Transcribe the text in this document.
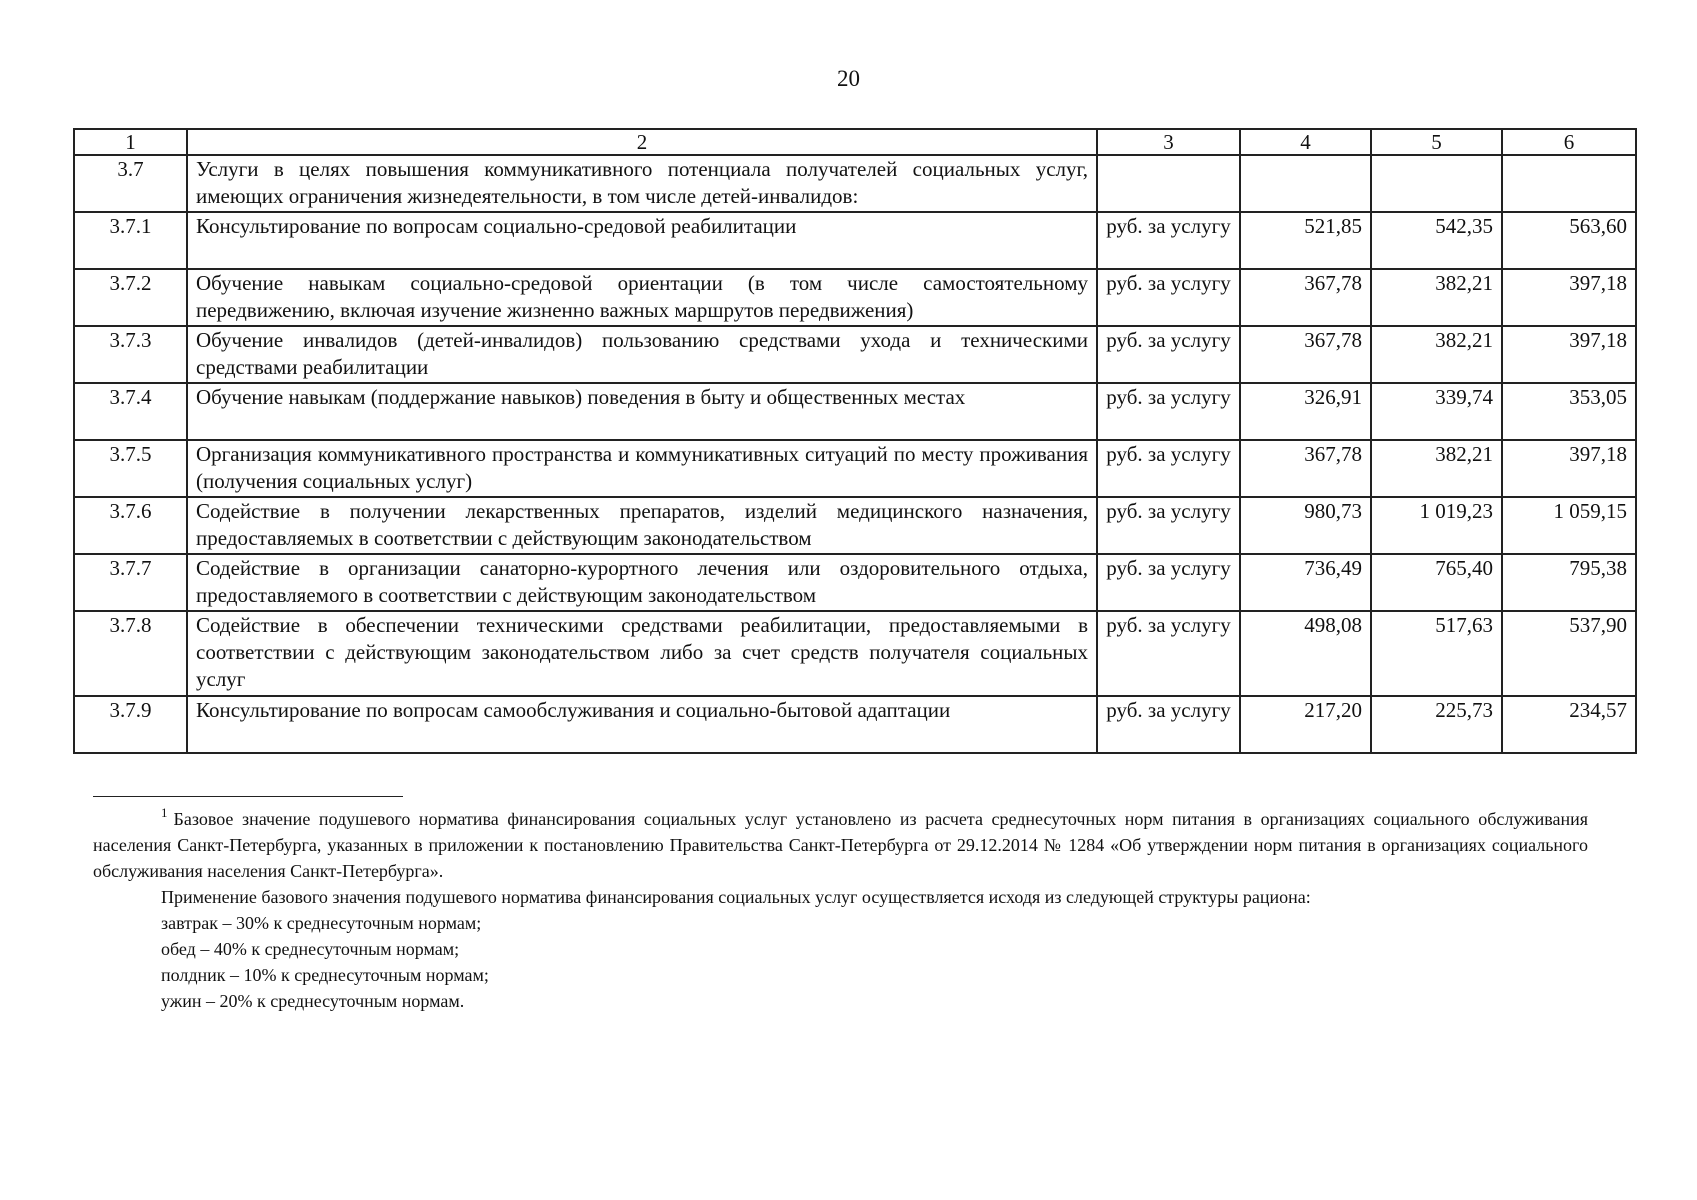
20
1	2	3	4	5	6
3.7	Услуги в целях повышения коммуникативного потенциала получателей социальных услуг, имеющих ограничения жизнедеятельности, в том числе детей-инвалидов:				
3.7.1	Консультирование по вопросам социально-средовой реабилитации	руб. за услугу	521,85	542,35	563,60
3.7.2	Обучение навыкам социально-средовой ориентации (в том числе самостоятельному передвижению, включая изучение жизненно важных маршрутов передвижения)	руб. за услугу	367,78	382,21	397,18
3.7.3	Обучение инвалидов (детей-инвалидов) пользованию средствами ухода и техническими средствами реабилитации	руб. за услугу	367,78	382,21	397,18
3.7.4	Обучение навыкам (поддержание навыков) поведения в быту и общественных местах	руб. за услугу	326,91	339,74	353,05
3.7.5	Организация коммуникативного пространства и коммуникативных ситуаций по месту проживания (получения социальных услуг)	руб. за услугу	367,78	382,21	397,18
3.7.6	Содействие в получении лекарственных препаратов, изделий медицинского назначения, предоставляемых в соответствии с действующим законодательством	руб. за услугу	980,73	1 019,23	1 059,15
3.7.7	Содействие в организации санаторно-курортного лечения или оздоровительного отдыха, предоставляемого в соответствии с действующим законодательством	руб. за услугу	736,49	765,40	795,38
3.7.8	Содействие в обеспечении техническими средствами реабилитации, предоставляемыми в соответствии с действующим законодательством либо за счет средств получателя социальных услуг	руб. за услугу	498,08	517,63	537,90
3.7.9	Консультирование по вопросам самообслуживания и социально-бытовой адаптации	руб. за услугу	217,20	225,73	234,57

$^1$ Базовое значение подушевого норматива финансирования социальных услуг установлено из расчета среднесуточных норм питания в организациях социального обслуживания населения Санкт-Петербурга, указанных в приложении к постановлению Правительства Санкт-Петербурга от 29.12.2014 № 1284 «Об утверждении норм питания в организациях социального обслуживания населения Санкт-Петербурга».

Применение базового значения подушевого норматива финансирования социальных услуг осуществляется исходя из следующей структуры рациона:

завтрак – 30% к среднесуточным нормам;

обед – 40% к среднесуточным нормам;

полдник – 10% к среднесуточным нормам;

ужин – 20% к среднесуточным нормам.
